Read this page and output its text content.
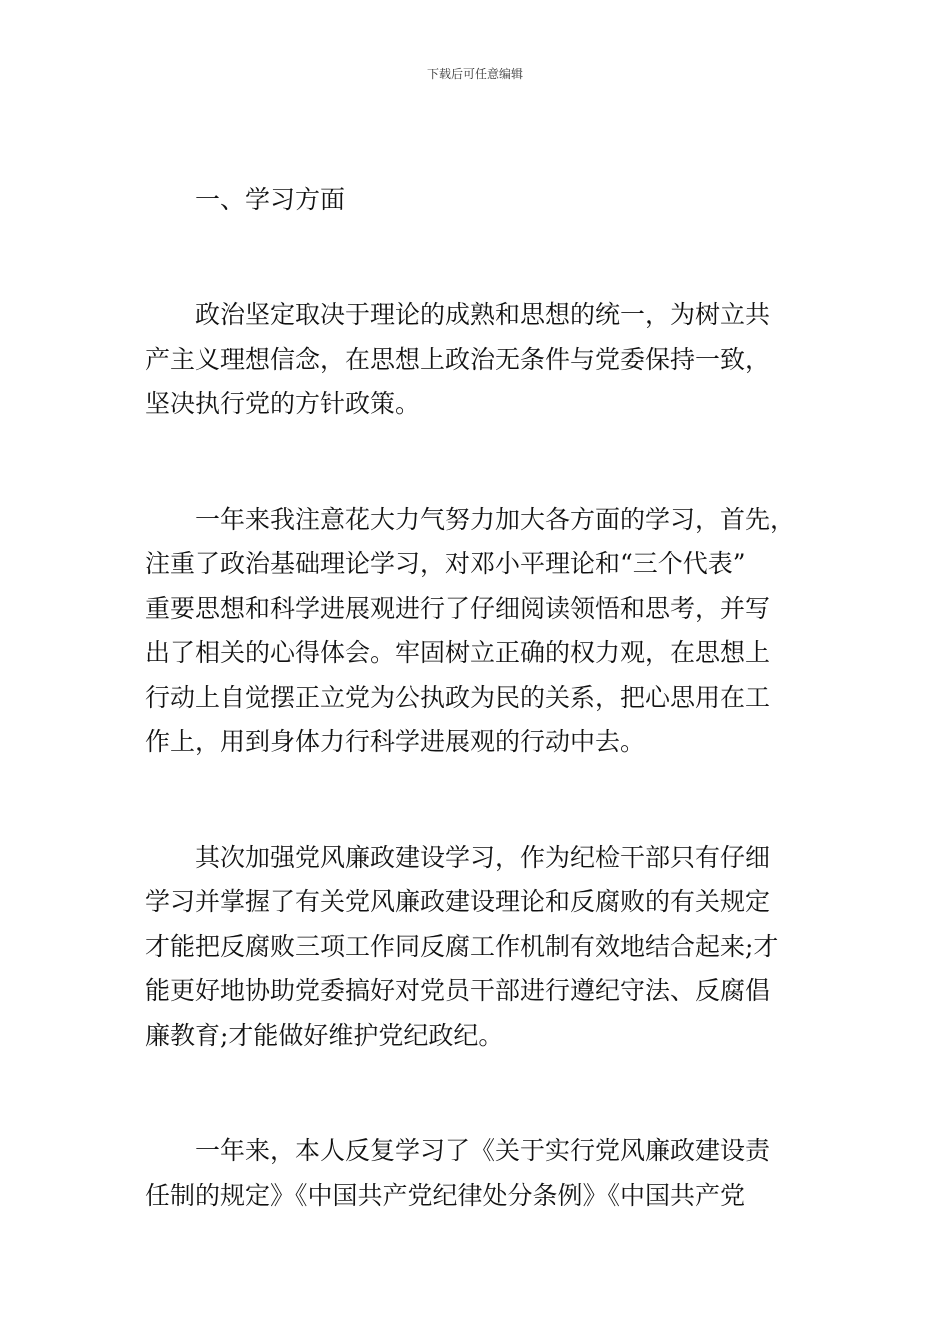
下载后可任意编辑
一、学习方面

政治坚定取决于理论的成熟和思想的统一，为树立共
产主义理想信念，在思想上政治无条件与党委保持一致，
坚决执行党的方针政策。

一年来我注意花大力气努力加大各方面的学习，首先，
注重了政治基础理论学习，对邓小平理论和“三个代表”
重要思想和科学进展观进行了仔细阅读领悟和思考，并写
出了相关的心得体会。牢固树立正确的权力观，在思想上
行动上自觉摆正立党为公执政为民的关系，把心思用在工
作上，用到身体力行科学进展观的行动中去。

其次加强党风廉政建设学习，作为纪检干部只有仔细
学习并掌握了有关党风廉政建设理论和反腐败的有关规定
才能把反腐败三项工作同反腐工作机制有效地结合起来;才
能更好地协助党委搞好对党员干部进行遵纪守法、反腐倡
廉教育;才能做好维护党纪政纪。

一年来，本人反复学习了《关于实行党风廉政建设责
任制的规定》《中国共产党纪律处分条例》《中国共产党
